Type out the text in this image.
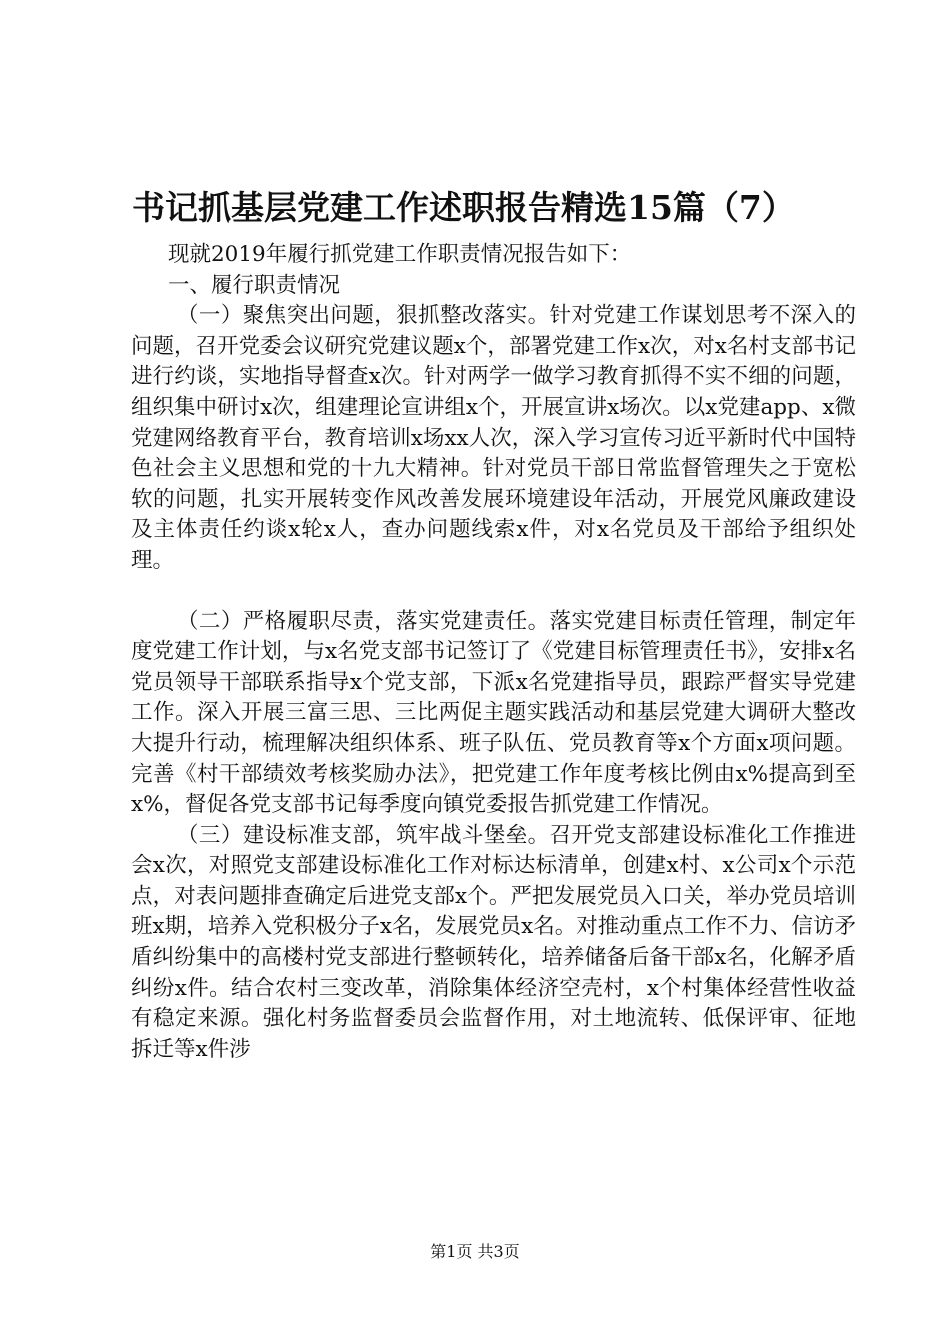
书记抓基层党建工作述职报告精选15篇（7）

现就2019年履行抓党建工作职责情况报告如下：

一、履行职责情况

（一）聚焦突出问题，狠抓整改落实。针对党建工作谋划思考不深入的问题，召开党委会议研究党建议题x个，部署党建工作x次，对x名村支部书记进行约谈，实地指导督查x次。针对两学一做学习教育抓得不实不细的问题，组织集中研讨x次，组建理论宣讲组x个，开展宣讲x场次。以x党建app、x微党建网络教育平台，教育培训x场xx人次，深入学习宣传习近平新时代中国特色社会主义思想和党的十九大精神。针对党员干部日常监督管理失之于宽松软的问题，扎实开展转变作风改善发展环境建设年活动，开展党风廉政建设及主体责任约谈x轮x人，查办问题线索x件，对x名党员及干部给予组织处理。

（二）严格履职尽责，落实党建责任。落实党建目标责任管理，制定年度党建工作计划，与x名党支部书记签订了《党建目标管理责任书》，安排x名党员领导干部联系指导x个党支部，下派x名党建指导员，跟踪严督实导党建工作。深入开展三富三思、三比两促主题实践活动和基层党建大调研大整改大提升行动，梳理解决组织体系、班子队伍、党员教育等x个方面x项问题。完善《村干部绩效考核奖励办法》，把党建工作年度考核比例由x%提高到至x%，督促各党支部书记每季度向镇党委报告抓党建工作情况。

（三）建设标准支部，筑牢战斗堡垒。召开党支部建设标准化工作推进会x次，对照党支部建设标准化工作对标达标清单，创建x村、x公司x个示范点，对表问题排查确定后进党支部x个。严把发展党员入口关，举办党员培训班x期，培养入党积极分子x名，发展党员x名。对推动重点工作不力、信访矛盾纠纷集中的高楼村党支部进行整顿转化，培养储备后备干部x名，化解矛盾纠纷x件。结合农村三变改革，消除集体经济空壳村，x个村集体经营性收益有稳定来源。强化村务监督委员会监督作用，对土地流转、低保评审、征地拆迁等x件涉

第1页 共3页
